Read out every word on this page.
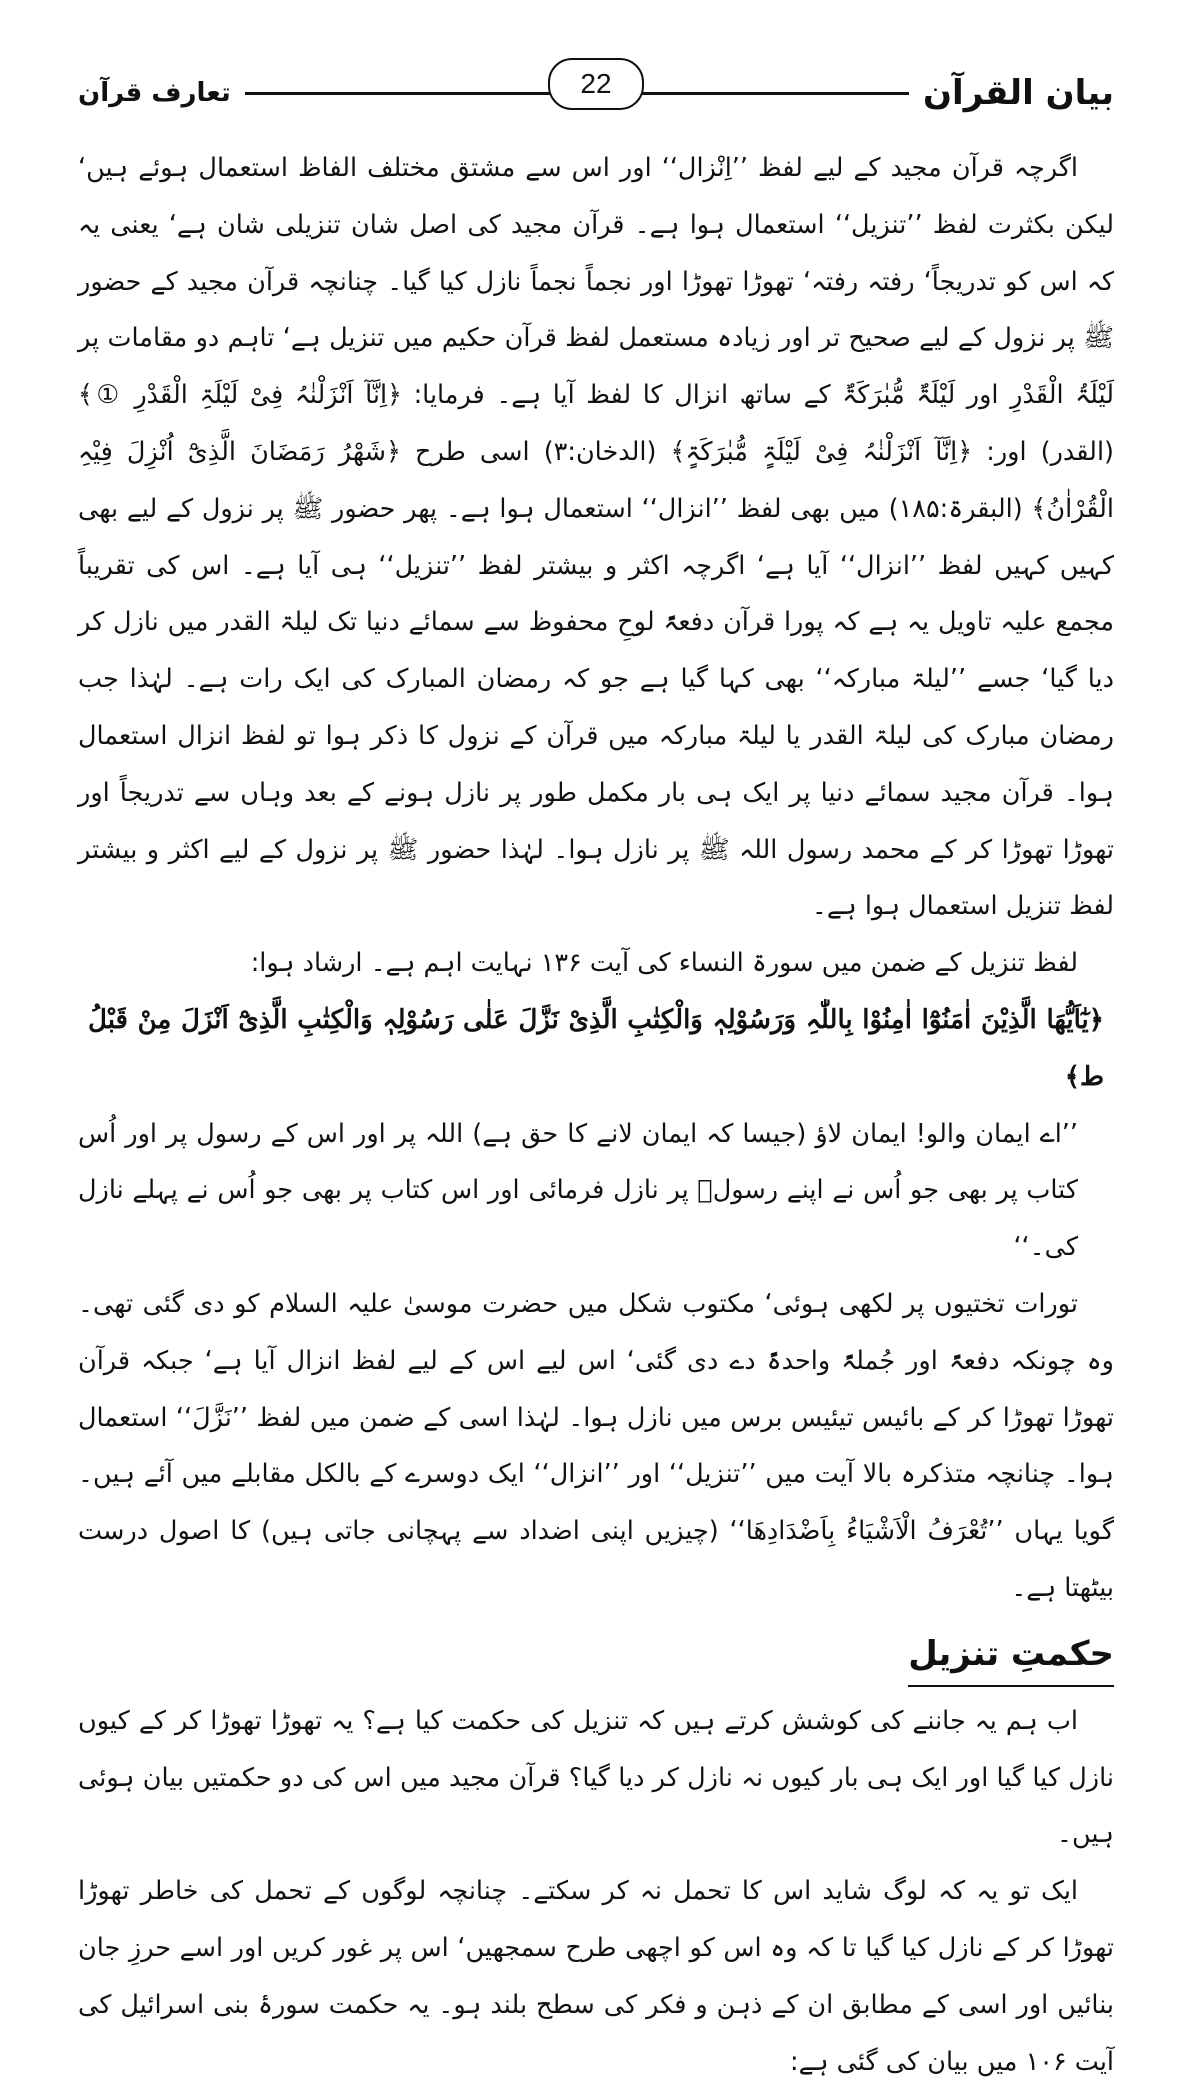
بیان القرآن
تعارف قرآن	22

اگرچہ قرآن مجید کے لیے لفظ ’’اِنْزال‘‘ اور اس سے مشتق مختلف الفاظ استعمال ہوئے ہیں‘ لیکن بکثرت لفظ ’’تنزیل‘‘ استعمال ہوا ہے۔ قرآن مجید کی اصل شان تنزیلی شان ہے‘ یعنی یہ کہ اس کو تدریجاً‘ رفتہ رفتہ‘ تھوڑا تھوڑا اور نجماً نجماً نازل کیا گیا۔ چنانچہ قرآن مجید کے حضور ﷺ پر نزول کے لیے صحیح تر اور زیادہ مستعمل لفظ قرآن حکیم میں تنزیل ہے‘ تاہم دو مقامات پر لَیْلَۃُ الْقَدْرِ اور لَیْلَۃٌ مُّبٰرَکَۃٌ کے ساتھ انزال کا لفظ آیا ہے۔ فرمایا: ﴿اِنَّآ اَنْزَلْنٰہُ فِیْ لَیْلَۃِ الْقَدْرِ ①﴾ (القدر) اور: ﴿اِنَّآ اَنْزَلْنٰہُ فِیْ لَیْلَۃٍ مُّبٰرَکَۃٍ﴾ (الدخان:۳) اسی طرح ﴿شَھْرُ رَمَضَانَ الَّذِیْٓ اُنْزِلَ فِیْہِ الْقُرْاٰنُ﴾ (البقرۃ:۱۸۵) میں بھی لفظ ’’انزال‘‘ استعمال ہوا ہے۔ پھر حضور ﷺ پر نزول کے لیے بھی کہیں کہیں لفظ ’’انزال‘‘ آیا ہے‘ اگرچہ اکثر و بیشتر لفظ ’’تنزیل‘‘ ہی آیا ہے۔ اس کی تقریباً مجمع علیہ تاویل یہ ہے کہ پورا قرآن دفعۃً لوحِ محفوظ سے سمائے دنیا تک لیلۃ القدر میں نازل کر دیا گیا‘ جسے ’’لیلۃ مبارکہ‘‘ بھی کہا گیا ہے جو کہ رمضان المبارک کی ایک رات ہے۔ لہٰذا جب رمضان مبارک کی لیلۃ القدر یا لیلۃ مبارکہ میں قرآن کے نزول کا ذکر ہوا تو لفظ انزال استعمال ہوا۔ قرآن مجید سمائے دنیا پر ایک ہی بار مکمل طور پر نازل ہونے کے بعد وہاں سے تدریجاً اور تھوڑا تھوڑا کر کے محمد رسول اللہ ﷺ پر نازل ہوا۔ لہٰذا حضور ﷺ پر نزول کے لیے اکثر و بیشتر لفظ تنزیل استعمال ہوا ہے۔

لفظ تنزیل کے ضمن میں سورۃ النساء کی آیت ۱۳۶ نہایت اہم ہے۔ ارشاد ہوا:

﴿یٰٓاَیُّھَا الَّذِیْنَ اٰمَنُوْٓا اٰمِنُوْا بِاللّٰہِ وَرَسُوْلِہٖ وَالْکِتٰبِ الَّذِیْ نَزَّلَ عَلٰی رَسُوْلِہٖ وَالْکِتٰبِ الَّذِیْٓ اَنْزَلَ مِنْ قَبْلُ ط﴾

’’اے ایمان والو! ایمان لاؤ (جیسا کہ ایمان لانے کا حق ہے) اللہ پر اور اس کے رسول پر اور اُس کتاب پر بھی جو اُس نے اپنے رسولؐ پر نازل فرمائی اور اس کتاب پر بھی جو اُس نے پہلے نازل کی۔‘‘

تورات تختیوں پر لکھی ہوئی‘ مکتوب شکل میں حضرت موسیٰ علیہ السلام کو دی گئی تھی۔ وہ چونکہ دفعۃً اور جُملۃً واحدۃً دے دی گئی‘ اس لیے اس کے لیے لفظ انزال آیا ہے‘ جبکہ قرآن تھوڑا تھوڑا کر کے بائیس تیئیس برس میں نازل ہوا۔ لہٰذا اسی کے ضمن میں لفظ ’’نَزَّلَ‘‘ استعمال ہوا۔ چنانچہ متذکرہ بالا آیت میں ’’تنزیل‘‘ اور ’’انزال‘‘ ایک دوسرے کے بالکل مقابلے میں آئے ہیں۔ گویا یہاں ’’تُعْرَفُ الْاَشْیَاءُ بِاَضْدَادِھَا‘‘ (چیزیں اپنی اضداد سے پہچانی جاتی ہیں) کا اصول درست بیٹھتا ہے۔

حکمتِ تنزیل

اب ہم یہ جاننے کی کوشش کرتے ہیں کہ تنزیل کی حکمت کیا ہے؟ یہ تھوڑا تھوڑا کر کے کیوں نازل کیا گیا اور ایک ہی بار کیوں نہ نازل کر دیا گیا؟ قرآن مجید میں اس کی دو حکمتیں بیان ہوئی ہیں۔

ایک تو یہ کہ لوگ شاید اس کا تحمل نہ کر سکتے۔ چنانچہ لوگوں کے تحمل کی خاطر تھوڑا تھوڑا کر کے نازل کیا گیا تا کہ وہ اس کو اچھی طرح سمجھیں‘ اس پر غور کریں اور اسے حرزِ جان بنائیں اور اسی کے مطابق ان کے ذہن و فکر کی سطح بلند ہو۔ یہ حکمت سورۂ بنی اسرائیل کی آیت ۱۰۶ میں بیان کی گئی ہے:
